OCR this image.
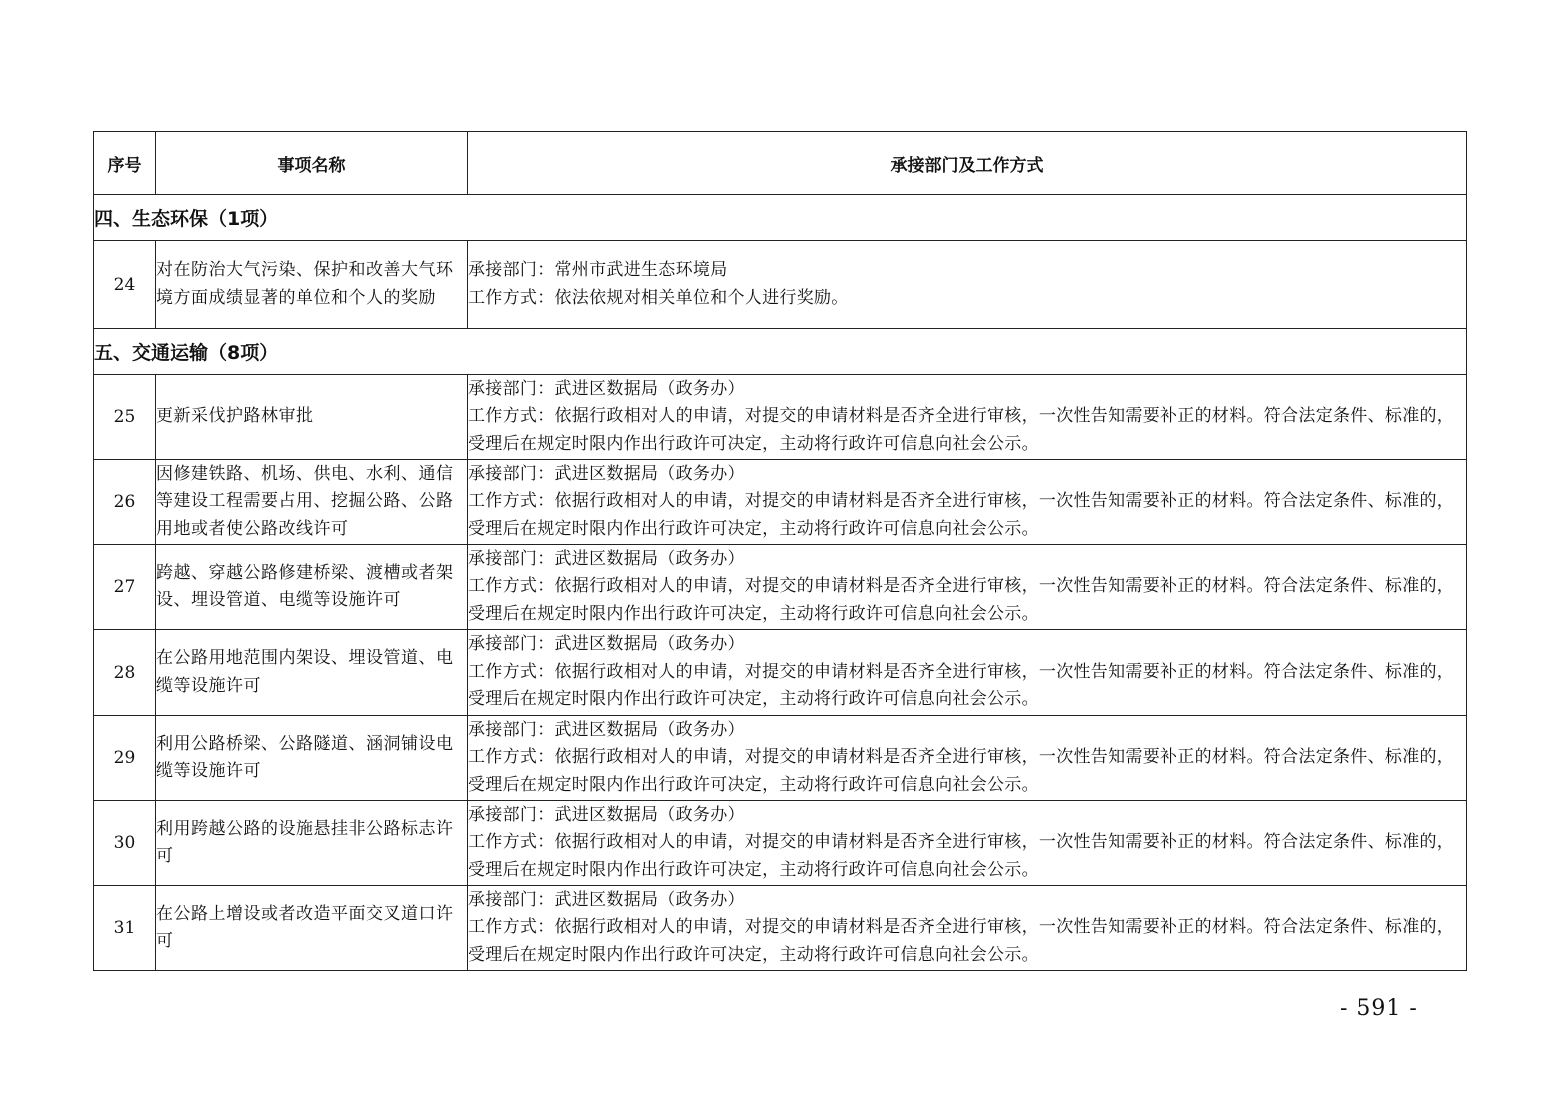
序号	事项名称	承接部门及工作方式
四、生态环保（1项）		
24	对在防治大气污染、保护和改善大气环境方面成绩显著的单位和个人的奖励	承接部门：常州市武进生态环境局
工作方式：依法依规对相关单位和个人进行奖励。

五、交通运输（8项）		
25	更新采伐护路林审批	承接部门：武进区数据局（政务办）
工作方式：依据行政相对人的申请，对提交的申请材料是否齐全进行审核，一次性告知需要补正的材料。符合法定条件、标准的，受理后在规定时限内作出行政许可决定，主动将行政许可信息向社会公示。

26	因修建铁路、机场、供电、水利、通信等建设工程需要占用、挖掘公路、公路用地或者使公路改线许可	承接部门：武进区数据局（政务办）
工作方式：依据行政相对人的申请，对提交的申请材料是否齐全进行审核，一次性告知需要补正的材料。符合法定条件、标准的，受理后在规定时限内作出行政许可决定，主动将行政许可信息向社会公示。

27	跨越、穿越公路修建桥梁、渡槽或者架设、埋设管道、电缆等设施许可	承接部门：武进区数据局（政务办）
工作方式：依据行政相对人的申请，对提交的申请材料是否齐全进行审核，一次性告知需要补正的材料。符合法定条件、标准的，受理后在规定时限内作出行政许可决定，主动将行政许可信息向社会公示。

28	在公路用地范围内架设、埋设管道、电缆等设施许可	承接部门：武进区数据局（政务办）
工作方式：依据行政相对人的申请，对提交的申请材料是否齐全进行审核，一次性告知需要补正的材料。符合法定条件、标准的，受理后在规定时限内作出行政许可决定，主动将行政许可信息向社会公示。

29	利用公路桥梁、公路隧道、涵洞铺设电缆等设施许可	承接部门：武进区数据局（政务办）
工作方式：依据行政相对人的申请，对提交的申请材料是否齐全进行审核，一次性告知需要补正的材料。符合法定条件、标准的，受理后在规定时限内作出行政许可决定，主动将行政许可信息向社会公示。

30	利用跨越公路的设施悬挂非公路标志许可	承接部门：武进区数据局（政务办）
工作方式：依据行政相对人的申请，对提交的申请材料是否齐全进行审核，一次性告知需要补正的材料。符合法定条件、标准的，受理后在规定时限内作出行政许可决定，主动将行政许可信息向社会公示。

31	在公路上增设或者改造平面交叉道口许可	承接部门：武进区数据局（政务办）
工作方式：依据行政相对人的申请，对提交的申请材料是否齐全进行审核，一次性告知需要补正的材料。符合法定条件、标准的，受理后在规定时限内作出行政许可决定，主动将行政许可信息向社会公示。
- 591 -
